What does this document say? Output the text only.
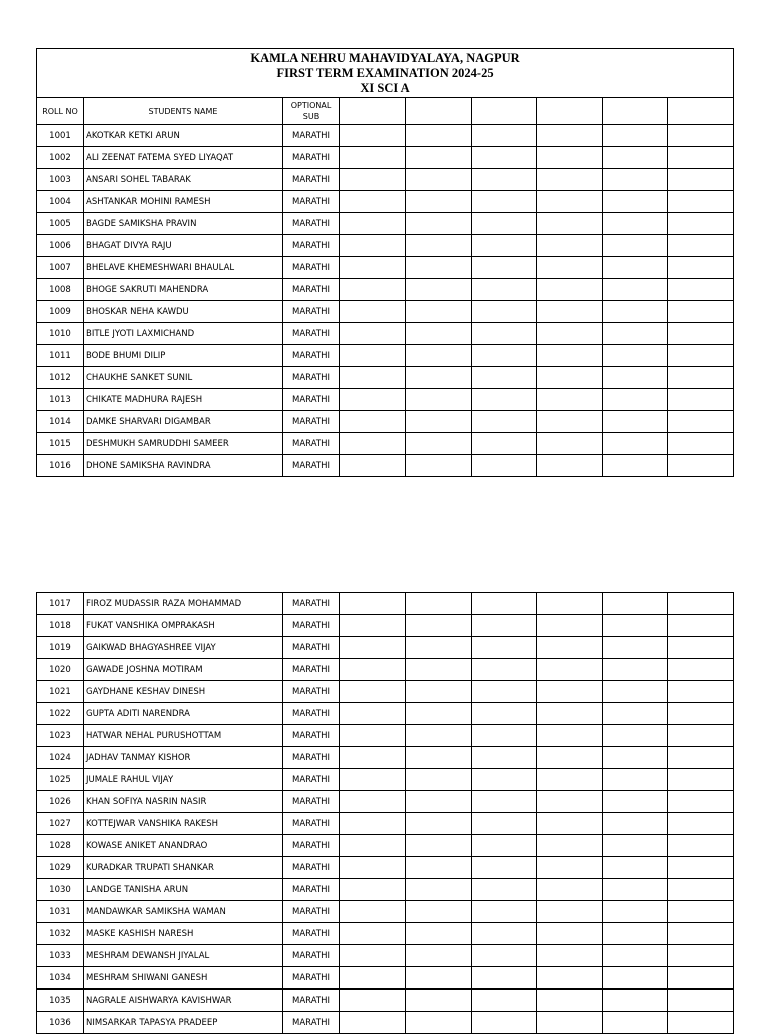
KAMLA NEHRU MAHAVIDYALAYA, NAGPUR
FIRST TERM EXAMINATION 2024-25
XI SCI A								

ROLL NO	STUDENTS NAME	OPTIONAL SUB						
1001	AKOTKAR KETKI ARUN	MARATHI						
1002	ALI ZEENAT FATEMA SYED LIYAQAT	MARATHI						
1003	ANSARI SOHEL TABARAK	MARATHI						
1004	ASHTANKAR MOHINI RAMESH	MARATHI						
1005	BAGDE SAMIKSHA PRAVIN	MARATHI						
1006	BHAGAT DIVYA RAJU	MARATHI						
1007	BHELAVE KHEMESHWARI BHAULAL	MARATHI						
1008	BHOGE SAKRUTI MAHENDRA	MARATHI						
1009	BHOSKAR NEHA KAWDU	MARATHI						
1010	BITLE JYOTI LAXMICHAND	MARATHI						
1011	BODE BHUMI DILIP	MARATHI						
1012	CHAUKHE SANKET SUNIL	MARATHI						
1013	CHIKATE MADHURA RAJESH	MARATHI						
1014	DAMKE SHARVARI DIGAMBAR	MARATHI						
1015	DESHMUKH SAMRUDDHI SAMEER	MARATHI						
1016	DHONE SAMIKSHA RAVINDRA	MARATHI						
1017	FIROZ MUDASSIR RAZA MOHAMMAD	MARATHI						
1018	FUKAT VANSHIKA OMPRAKASH	MARATHI						
1019	GAIKWAD BHAGYASHREE VIJAY	MARATHI						
1020	GAWADE JOSHNA MOTIRAM	MARATHI						
1021	GAYDHANE KESHAV DINESH	MARATHI						
1022	GUPTA ADITI NARENDRA	MARATHI						
1023	HATWAR NEHAL PURUSHOTTAM	MARATHI						
1024	JADHAV TANMAY KISHOR	MARATHI						
1025	JUMALE RAHUL VIJAY	MARATHI						
1026	KHAN SOFIYA NASRIN NASIR	MARATHI						
1027	KOTTEJWAR VANSHIKA RAKESH	MARATHI						
1028	KOWASE ANIKET ANANDRAO	MARATHI						
1029	KURADKAR TRUPATI SHANKAR	MARATHI						
1030	LANDGE TANISHA ARUN	MARATHI						
1031	MANDAWKAR SAMIKSHA WAMAN	MARATHI						
1032	MASKE KASHISH NARESH	MARATHI						
1033	MESHRAM DEWANSH JIYALAL	MARATHI						
1034	MESHRAM SHIWANI GANESH	MARATHI						
1035	NAGRALE AISHWARYA KAVISHWAR	MARATHI						
1036	NIMSARKAR TAPASYA PRADEEP	MARATHI						
